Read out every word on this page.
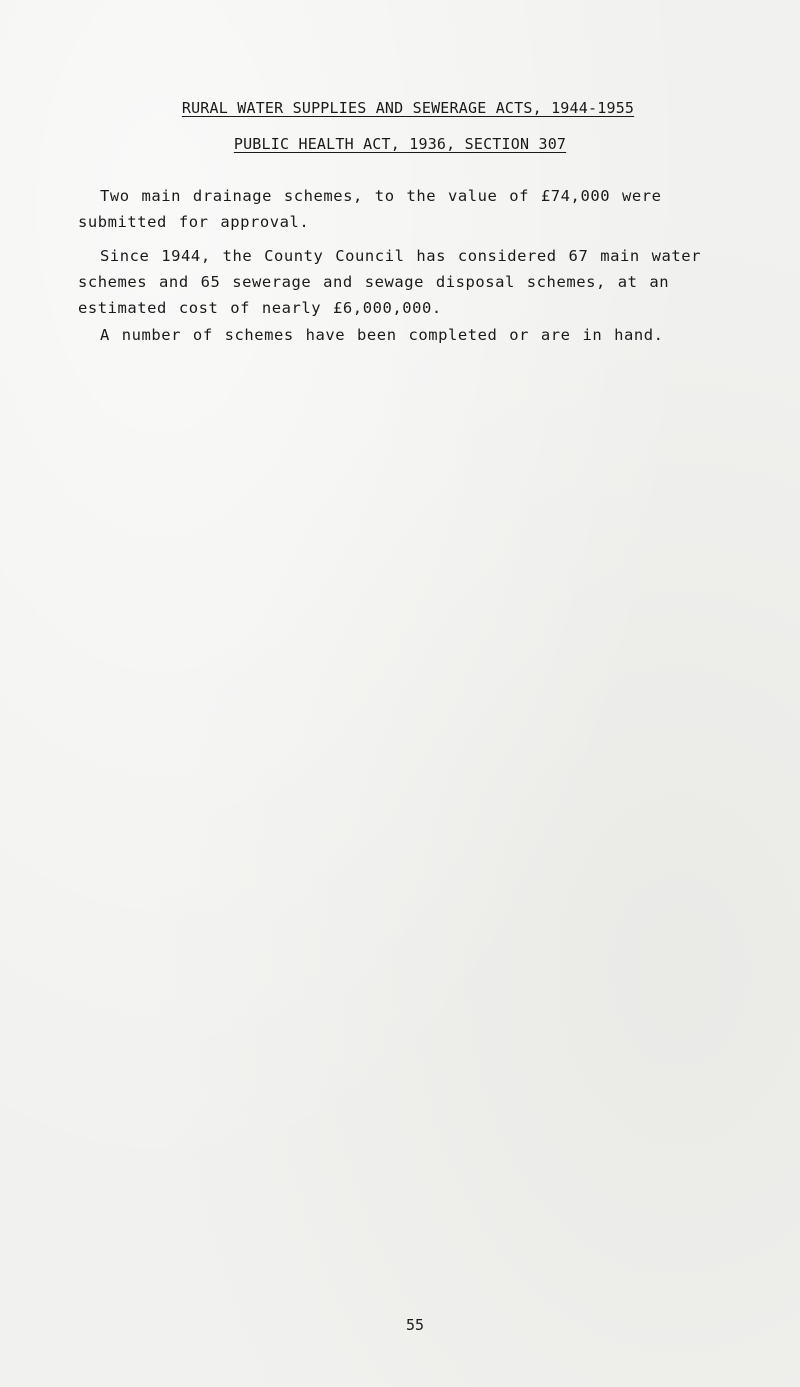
RURAL WATER SUPPLIES AND SEWERAGE ACTS, 1944-1955
PUBLIC HEALTH ACT, 1936, SECTION 307

Two main drainage schemes, to the value of £74,000 were submitted for approval.

Since 1944, the County Council has considered 67 main water schemes and 65 sewerage and sewage disposal schemes, at an estimated cost of nearly £6,000,000.

A number of schemes have been completed or are in hand.

55
